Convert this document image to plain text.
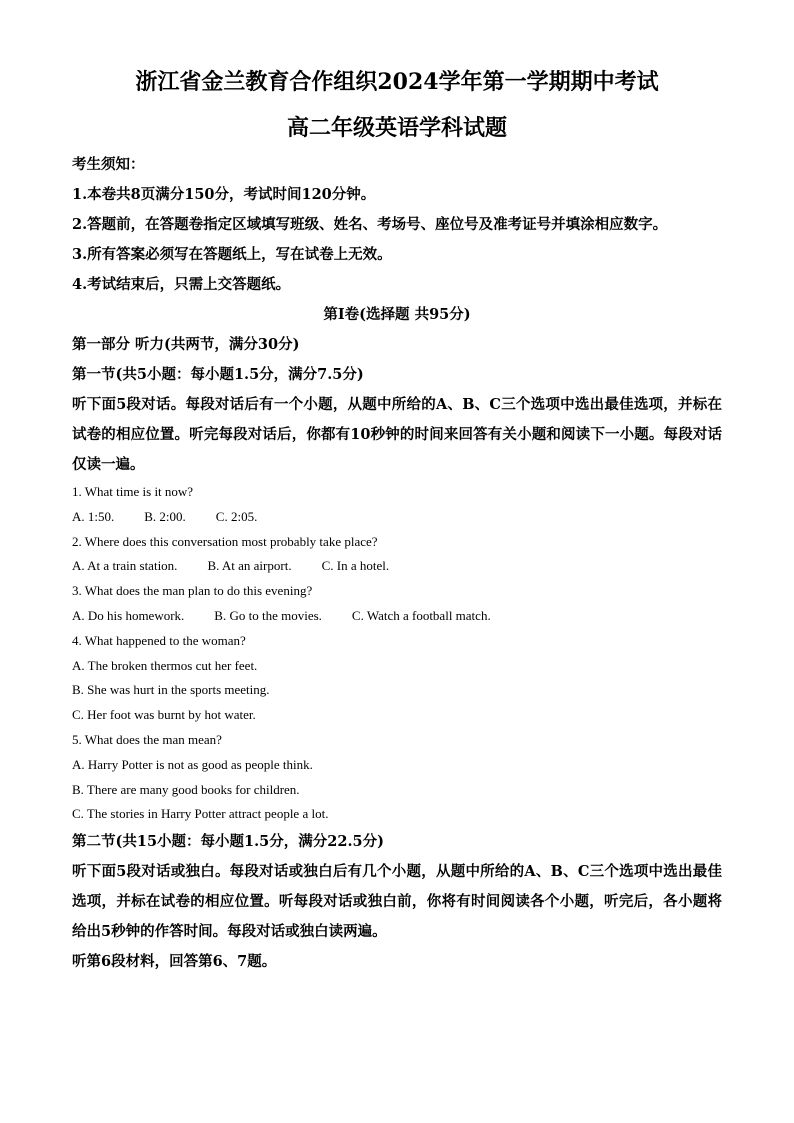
浙江省金兰教育合作组织2024学年第一学期期中考试
高二年级英语学科试题

考生须知：

1.本卷共8页满分150分，考试时间120分钟。

2.答题前，在答题卷指定区域填写班级、姓名、考场号、座位号及准考证号并填涂相应数字。

3.所有答案必须写在答题纸上，写在试卷上无效。

4.考试结束后，只需上交答题纸。

第Ⅰ卷(选择题 共95分)

第一部分 听力(共两节，满分30分)

第一节(共5小题：每小题1.5分，满分7.5分)

听下面5段对话。每段对话后有一个小题，从题中所给的A、B、C三个选项中选出最佳选项，并标在试卷的相应位置。听完每段对话后，你都有10秒钟的时间来回答有关小题和阅读下一小题。每段对话仅读一遍。

1. What time is it now?

A. 1:50. B. 2:00. C. 2:05.

2. Where does this conversation most probably take place?

A. At a train station. B. At an airport. C. In a hotel.

3. What does the man plan to do this evening?

A. Do his homework. B. Go to the movies. C. Watch a football match.

4. What happened to the woman?

A. The broken thermos cut her feet.

B. She was hurt in the sports meeting.

C. Her foot was burnt by hot water.

5. What does the man mean?

A. Harry Potter is not as good as people think.

B. There are many good books for children.

C. The stories in Harry Potter attract people a lot.

第二节(共15小题：每小题1.5分，满分22.5分)

听下面5段对话或独白。每段对话或独白后有几个小题，从题中所给的A、B、C三个选项中选出最佳选项，并标在试卷的相应位置。听每段对话或独白前，你将有时间阅读各个小题，听完后，各小题将给出5秒钟的作答时间。每段对话或独白读两遍。

听第6段材料，回答第6、7题。
